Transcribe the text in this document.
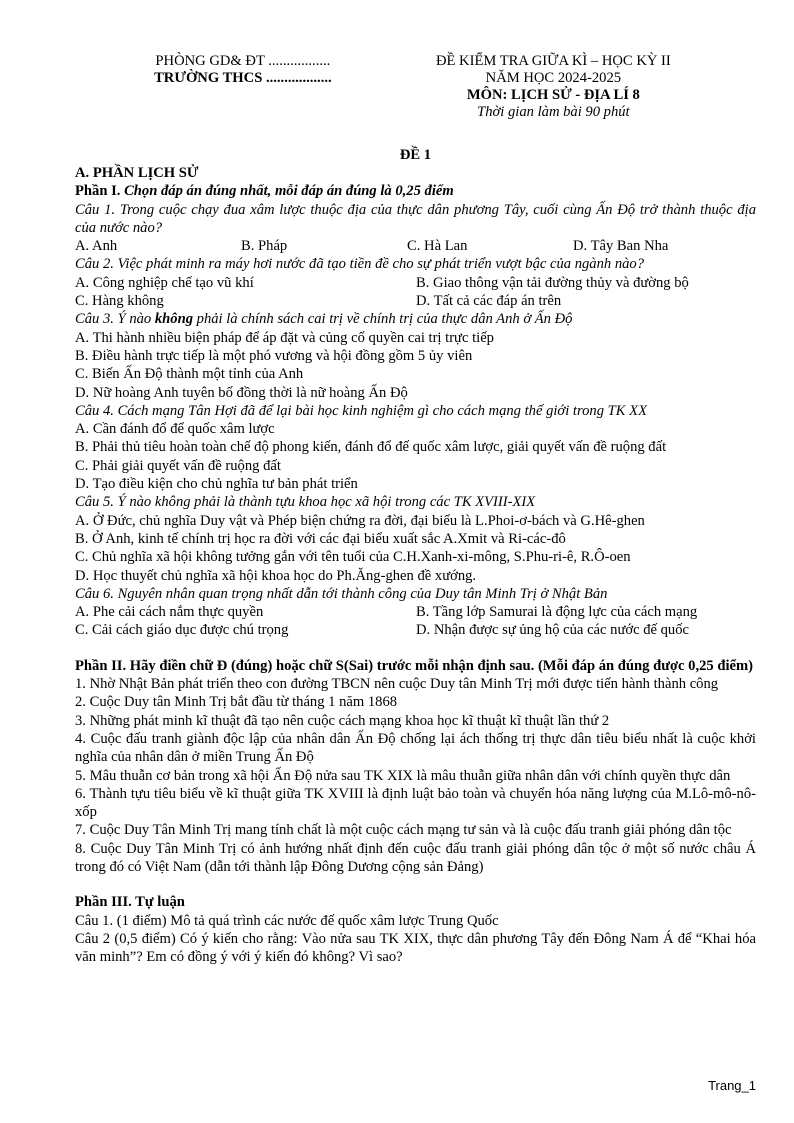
PHÒNG GD& ĐT .................
TRƯỜNG THCS ..................
ĐỀ KIỂM TRA GIỮA KÌ – HỌC KỲ II
NĂM HỌC 2024-2025
MÔN: LỊCH SỬ - ĐỊA LÍ 8
Thời gian làm bài 90 phút
ĐỀ 1
A. PHẦN LỊCH SỬ
Phần I. Chọn đáp án đúng nhất, mỗi đáp án đúng là 0,25 điểm
Câu 1. Trong cuộc chạy đua xâm lược thuộc địa của thực dân phương Tây, cuối cùng Ấn Độ trở thành thuộc địa của nước nào?
A. Anh	B. Pháp	C. Hà Lan	D. Tây Ban Nha
Câu 2. Việc phát minh ra máy hơi nước đã tạo tiền đề cho sự phát triển vượt bậc của ngành nào?
A. Công nghiệp chế tạo vũ khí	B. Giao thông vận tải đường thủy và đường bộ
C. Hàng không	D. Tất cả các đáp án trên
Câu 3. Ý nào không phải là chính sách cai trị về chính trị của thực dân Anh ở Ấn Độ
A. Thi hành nhiều biện pháp để áp đặt và củng cố quyền cai trị trực tiếp
B. Điều hành trực tiếp là một phó vương và hội đồng gồm 5 ủy viên
C. Biến Ấn Độ thành một tỉnh của Anh
D. Nữ hoàng Anh tuyên bố đồng thời là nữ hoàng Ấn Độ
Câu 4. Cách mạng Tân Hợi đã để lại bài học kinh nghiệm gì cho cách mạng thế giới trong TK XX
A. Cần đánh đổ để quốc xâm lược
B. Phải thủ tiêu hoàn toàn chế độ phong kiến, đánh đổ đế quốc xâm lược, giải quyết vấn đề ruộng đất
C. Phải giải quyết vấn đề ruộng đất
D. Tạo điều kiện cho chủ nghĩa tư bản phát triển
Câu 5. Ý nào không phải là thành tựu khoa học xã hội trong các TK XVIII-XIX
A. Ở Đức, chủ nghĩa Duy vật và Phép biện chứng ra đời, đại biểu là L.Phoi-ơ-bách và G.Hê-ghen
B. Ở Anh, kinh tế chính trị học ra đời với các đại biểu xuất sắc A.Xmit và Ri-các-đô
C. Chủ nghĩa xã hội không tưởng gắn với tên tuổi của C.H.Xanh-xi-mông, S.Phu-ri-ê, R.Ô-oen
D. Học thuyết chủ nghĩa xã hội khoa học do Ph.Ăng-ghen đề xướng.
Câu 6. Nguyên nhân quan trọng nhất dẫn tới thành công của Duy tân Minh Trị ở Nhật Bản
A. Phe cải cách nắm thực quyền	B. Tầng lớp Samurai là động lực của cách mạng
C. Cải cách giáo dục được chú trọng	D. Nhận được sự ủng hộ của các nước đế quốc
Phần II. Hãy điền chữ Đ (đúng) hoặc chữ S(Sai) trước mỗi nhận định sau. (Mỗi đáp án đúng được 0,25 điểm)
1. Nhờ Nhật Bản phát triển theo con đường TBCN nên cuộc Duy tân Minh Trị mới được tiến hành thành công
2. Cuộc Duy tân Minh Trị bắt đầu từ tháng 1 năm 1868
3. Những phát minh kĩ thuật đã tạo nên cuộc cách mạng khoa học kĩ thuật kĩ thuật lần thứ 2
4. Cuộc đấu tranh giành độc lập của nhân dân Ấn Độ chống lại ách thống trị thực dân tiêu biểu nhất là cuộc khởi nghĩa của nhân dân ở miền Trung Ấn Độ
5. Mâu thuẫn cơ bản trong xã hội Ấn Độ nửa sau TK XIX là mâu thuẫn giữa nhân dân với chính quyền thực dân
6. Thành tựu tiêu biểu về kĩ thuật giữa TK XVIII là định luật bảo toàn và chuyển hóa năng lượng của M.Lô-mô-nô-xốp
7. Cuộc Duy Tân Minh Trị mang tính chất là một cuộc cách mạng tư sản và là cuộc đấu tranh giải phóng dân tộc
8. Cuộc Duy Tân Minh Trị có ảnh hướng nhất định đến cuộc đấu tranh giải phóng dân tộc ở một số nước châu Á trong đó có Việt Nam (dẫn tới thành lập Đông Dương cộng sản Đảng)
Phần III. Tự luận
Câu 1. (1 điểm) Mô tả quá trình các nước đế quốc xâm lược Trung Quốc
Câu 2 (0,5 điểm) Có ý kiến cho rằng: Vào nửa sau TK XIX, thực dân phương Tây đến Đông Nam Á để “Khai hóa văn minh”? Em có đồng ý với ý kiến đó không? Vì sao?
Trang_1
